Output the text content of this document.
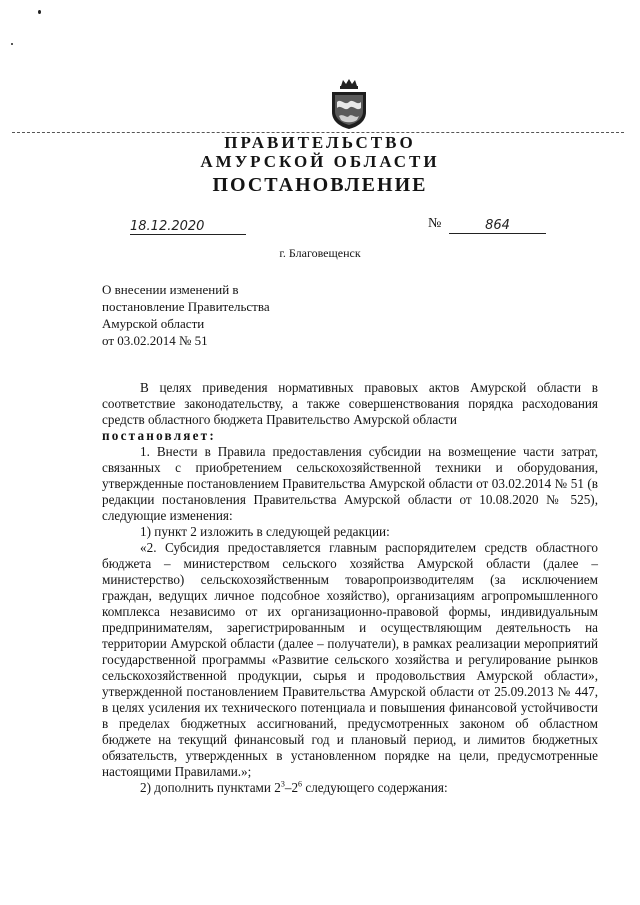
ПРАВИТЕЛЬСТВО
АМУРСКОЙ ОБЛАСТИ
ПОСТАНОВЛЕНИЕ
18.12.2020	№	864
г. Благовещенск
О внесении изменений в
постановление Правительства
Амурской области
от 03.02.2014 № 51

В целях приведения нормативных правовых актов Амурской области в соответствие законодательству, а также совершенствования порядка расходования средств областного бюджета Правительство Амурской области

постановляет:

1. Внести в Правила предоставления субсидии на возмещение части затрат, связанных с приобретением сельскохозяйственной техники и оборудования, утвержденные постановлением Правительства Амурской области от 03.02.2014 № 51 (в редакции постановления Правительства Амурской области от 10.08.2020 № 525), следующие изменения:

1) пункт 2 изложить в следующей редакции:

«2. Субсидия предоставляется главным распорядителем средств областного бюджета – министерством сельского хозяйства Амурской области (далее – министерство) сельскохозяйственным товаропроизводителям (за исключением граждан, ведущих личное подсобное хозяйство), организациям агропромышленного комплекса независимо от их организационно-правовой формы, индивидуальным предпринимателям, зарегистрированным и осуществляющим деятельность на территории Амурской области (далее – получатели), в рамках реализации мероприятий государственной программы «Развитие сельского хозяйства и регулирование рынков сельскохозяйственной продукции, сырья и продовольствия Амурской области», утвержденной постановлением Правительства Амурской области от 25.09.2013 № 447, в целях усиления их технического потенциала и повышения финансовой устойчивости в пределах бюджетных ассигнований, предусмотренных законом об областном бюджете на текущий финансовый год и плановый период, и лимитов бюджетных обязательств, утвержденных в установленном порядке на цели, предусмотренные настоящими Правилами.»;

2) дополнить пунктами $2^3-2^6$ следующего содержания:
